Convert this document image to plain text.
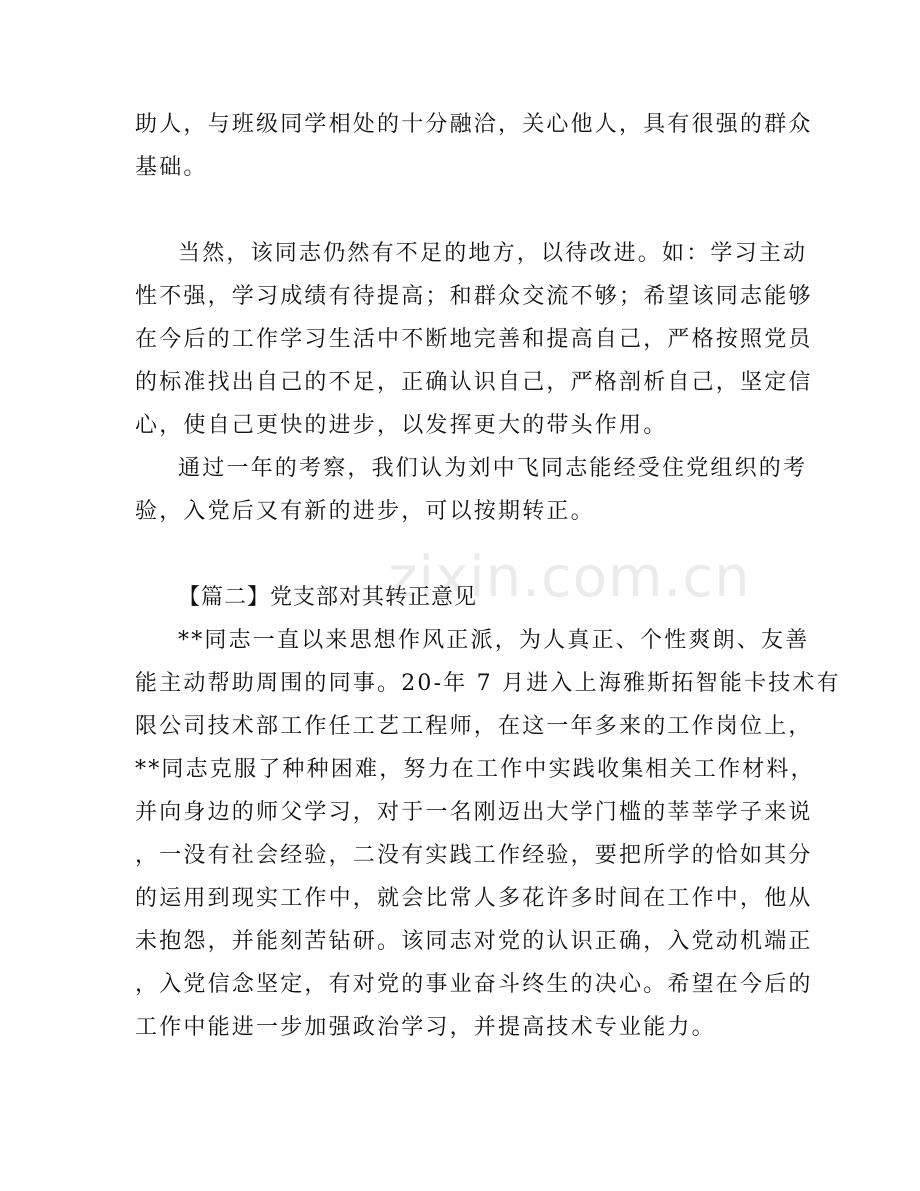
zixin.com.cn
助人，与班级同学相处的十分融洽，关心他人，具有很强的群众
基础。
当然，该同志仍然有不足的地方，以待改进。如：学习主动
性不强，学习成绩有待提高；和群众交流不够；希望该同志能够
在今后的工作学习生活中不断地完善和提高自己，严格按照党员
的标准找出自己的不足，正确认识自己，严格剖析自己，坚定信
心，使自己更快的进步，以发挥更大的带头作用。
通过一年的考察，我们认为刘中飞同志能经受住党组织的考
验，入党后又有新的进步，可以按期转正。
【篇二】党支部对其转正意见
**同志一直以来思想作风正派，为人真正、个性爽朗、友善
能主动帮助周围的同事。20-年 7 月进入上海雅斯拓智能卡技术有
限公司技术部工作任工艺工程师，在这一年多来的工作岗位上，
**同志克服了种种困难，努力在工作中实践收集相关工作材料，
并向身边的师父学习，对于一名刚迈出大学门槛的莘莘学子来说
，一没有社会经验，二没有实践工作经验，要把所学的恰如其分
的运用到现实工作中，就会比常人多花许多时间在工作中，他从
未抱怨，并能刻苦钻研。该同志对党的认识正确，入党动机端正
，入党信念坚定，有对党的事业奋斗终生的决心。希望在今后的
工作中能进一步加强政治学习，并提高技术专业能力。
